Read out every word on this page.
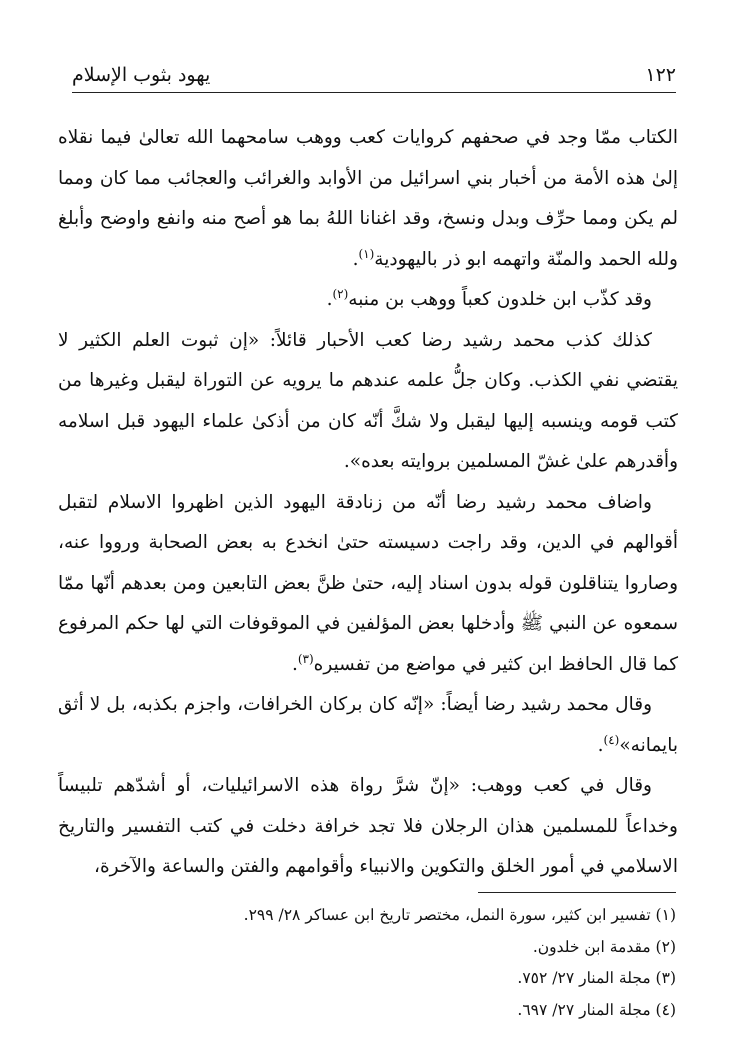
١٢٢
يهود بثوب الإسلام

الكتاب ممّا وجد في صحفهم كروايات كعب ووهب سامحهما الله تعالىٰ فيما نقلاه إلىٰ هذه الأمة من أخبار بني اسرائيل من الأوابد والغرائب والعجائب مما كان ومما لم يكن ومما حرِّف وبدل ونسخ، وقد اغنانا اللهُ بما هو أصح منه وانفع واوضح وأبلغ ولله الحمد والمنّة واتهمه ابو ذر باليهودية$^{(١)}$.

وقد كذّب ابن خلدون كعباً ووهب بن منبه$^{(٢)}$.

كذلك كذب محمد رشيد رضا كعب الأحبار قائلاً: «إن ثبوت العلم الكثير لا يقتضي نفي الكذب. وكان جلُّ علمه عندهم ما يرويه عن التوراة ليقبل وغيرها من كتب قومه وينسبه إليها ليقبل ولا شكَّ أنّه كان من أذكىٰ علماء اليهود قبل اسلامه وأقدرهم علىٰ غشّ المسلمين بروايته بعده».

واضاف محمد رشيد رضا أنّه من زنادقة اليهود الذين اظهروا الاسلام لتقبل أقوالهم في الدين، وقد راجت دسيسته حتىٰ انخدع به بعض الصحابة ورووا عنه، وصاروا يتناقلون قوله بدون اسناد إليه، حتىٰ ظنَّ بعض التابعين ومن بعدهم أنّها ممّا سمعوه عن النبي ﷺ وأدخلها بعض المؤلفين في الموقوفات التي لها حكم المرفوع كما قال الحافظ ابن كثير في مواضع من تفسيره$^{(٣)}$.

وقال محمد رشيد رضا أيضاً: «إنّه كان بركان الخرافات، واجزم بكذبه، بل لا أثق بايمانه»$^{(٤)}$.

وقال في كعب ووهب: «إنّ شرَّ رواة هذه الاسرائيليات، أو أشدّهم تلبيساً وخداعاً للمسلمين هذان الرجلان فلا تجد خرافة دخلت في كتب التفسير والتاريخ الاسلامي في أمور الخلق والتكوين والانبياء وأقوامهم والفتن والساعة والآخرة،

(١) تفسير ابن كثير، سورة النمل، مختصر تاريخ ابن عساكر ٢٨/ ٢٩٩.
(٢) مقدمة ابن خلدون.
(٣) مجلة المنار ٢٧/ ٧٥٢.
(٤) مجلة المنار ٢٧/ ٦٩٧.
